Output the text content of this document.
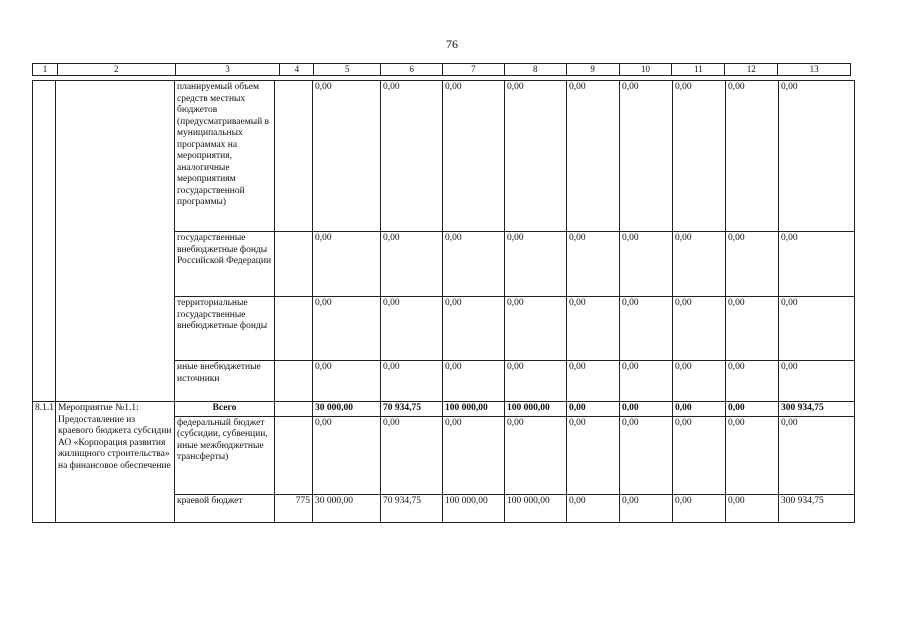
76
1	2	3	4	5	6	7	8	9	10	11	12	13
		планируемый объем средств местных бюджетов (предусматриваемый в муниципальных программах на мероприятия, аналогичные мероприятиям государственной программы)		0,00	0,00	0,00	0,00	0,00	0,00	0,00	0,00	0,00
		государственные внебюджетные фонды Российской Федерации		0,00	0,00	0,00	0,00	0,00	0,00	0,00	0,00	0,00
		территориальные государственные внебюджетные фонды		0,00	0,00	0,00	0,00	0,00	0,00	0,00	0,00	0,00
		иные внебюджетные источники		0,00	0,00	0,00	0,00	0,00	0,00	0,00	0,00	0,00
8.1.1	Мероприятие №1.1: Предоставление из краевого бюджета субсидии АО «Корпорация развития жилищного строительства» на финансовое обеспечение	Всего		30 000,00	70 934,75	100 000,00	100 000,00	0,00	0,00	0,00	0,00	300 934,75
		федеральный бюджет (субсидии, субвенции, иные межбюджетные трансферты)		0,00	0,00	0,00	0,00	0,00	0,00	0,00	0,00	0,00
		краевой бюджет	775	30 000,00	70 934,75	100 000,00	100 000,00	0,00	0,00	0,00	0,00	300 934,75
